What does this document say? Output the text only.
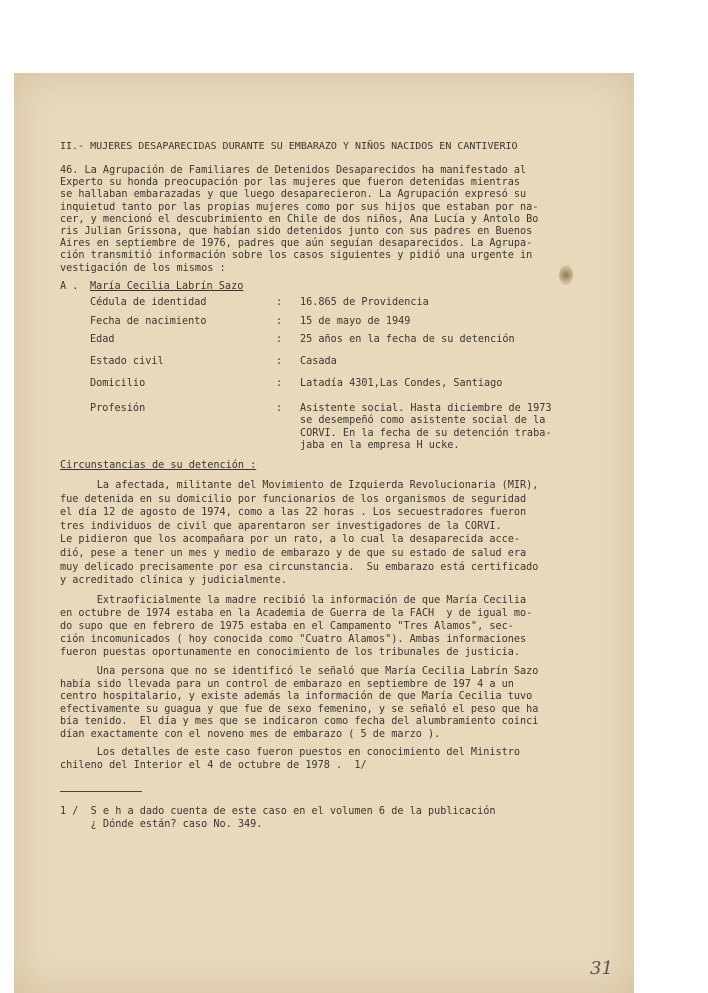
II.- MUJERES DESAPARECIDAS DURANTE SU EMBARAZO Y NIÑOS NACIDOS EN CANTIVERIO
46. La Agrupación de Familiares de Detenidos Desaparecidos ha manifestado al
Experto su honda preocupación por las mujeres que fueron detenidas mientras
se hallaban embarazadas y que luego desaparecieron. La Agrupación expresó su
inquietud tanto por las propias mujeres como por sus hijos que estaban por na-
cer, y mencionó el descubrimiento en Chile de dos niños, Ana Lucía y Antolo Bo
ris Julian Grissona, que habían sido detenidos junto con sus padres en Buenos
Aires en septiembre de 1976, padres que aún seguían desaparecidos. La Agrupa-
ción transmitió información sobre los casos siguientes y pidió una urgente in
vestigación de los mismos :
A . María Cecilia Labrín Sazo
Cédula de identidad	: 16.865 de Providencia
Fecha de nacimiento	: 15 de mayo de 1949
Edad	: 25 años en la fecha de su detención
Estado civil	: Casada
Domicilio	: Latadía 4301,Las Condes, Santiago
Profesión	: Asistente social. Hasta diciembre de 1973
se desempeñó como asistente social de la
CORVI. En la fecha de su detención traba-
jaba en la empresa H ucke.
Circunstancias de su detención :
La afectada, militante del Movimiento de Izquierda Revolucionaria (MIR),
fue detenida en su domicilio por funcionarios de los organismos de seguridad
el día 12 de agosto de 1974, como a las 22 horas . Los secuestradores fueron
tres individuos de civil que aparentaron ser investigadores de la CORVI.
Le pidieron que los acompañara por un rato, a lo cual la desaparecida acce-
dió, pese a tener un mes y medio de embarazo y de que su estado de salud era
muy delicado precisamente por esa circunstancia.  Su embarazo está certificado
y acreditado clínica y judicialmente.
Extraoficialmente la madre recibió la información de que María Cecilia
en octubre de 1974 estaba en la Academia de Guerra de la FACH  y de igual mo-
do supo que en febrero de 1975 estaba en el Campamento "Tres Alamos", sec-
ción incomunicados ( hoy conocida como "Cuatro Alamos"). Ambas informaciones
fueron puestas oportunamente en conocimiento de los tribunales de justicia.
Una persona que no se identificó le señaló que María Cecilia Labrín Sazo
había sido llevada para un control de embarazo en septiembre de 197 4 a un
centro hospitalario, y existe además la información de que María Cecilia tuvo
efectivamente su guagua y que fue de sexo femenino, y se señaló el peso que ha
bía tenido.  El día y mes que se indicaron como fecha del alumbramiento coinci
dían exactamente con el noveno mes de embarazo ( 5 de marzo ).
Los detalles de este caso fueron puestos en conocimiento del Ministro
chileno del Interior el 4 de octubre de 1978 .  1/
1 /  S e h a dado cuenta de este caso en el volumen 6 de la publicación
¿ Dónde están? caso No. 349.
31
